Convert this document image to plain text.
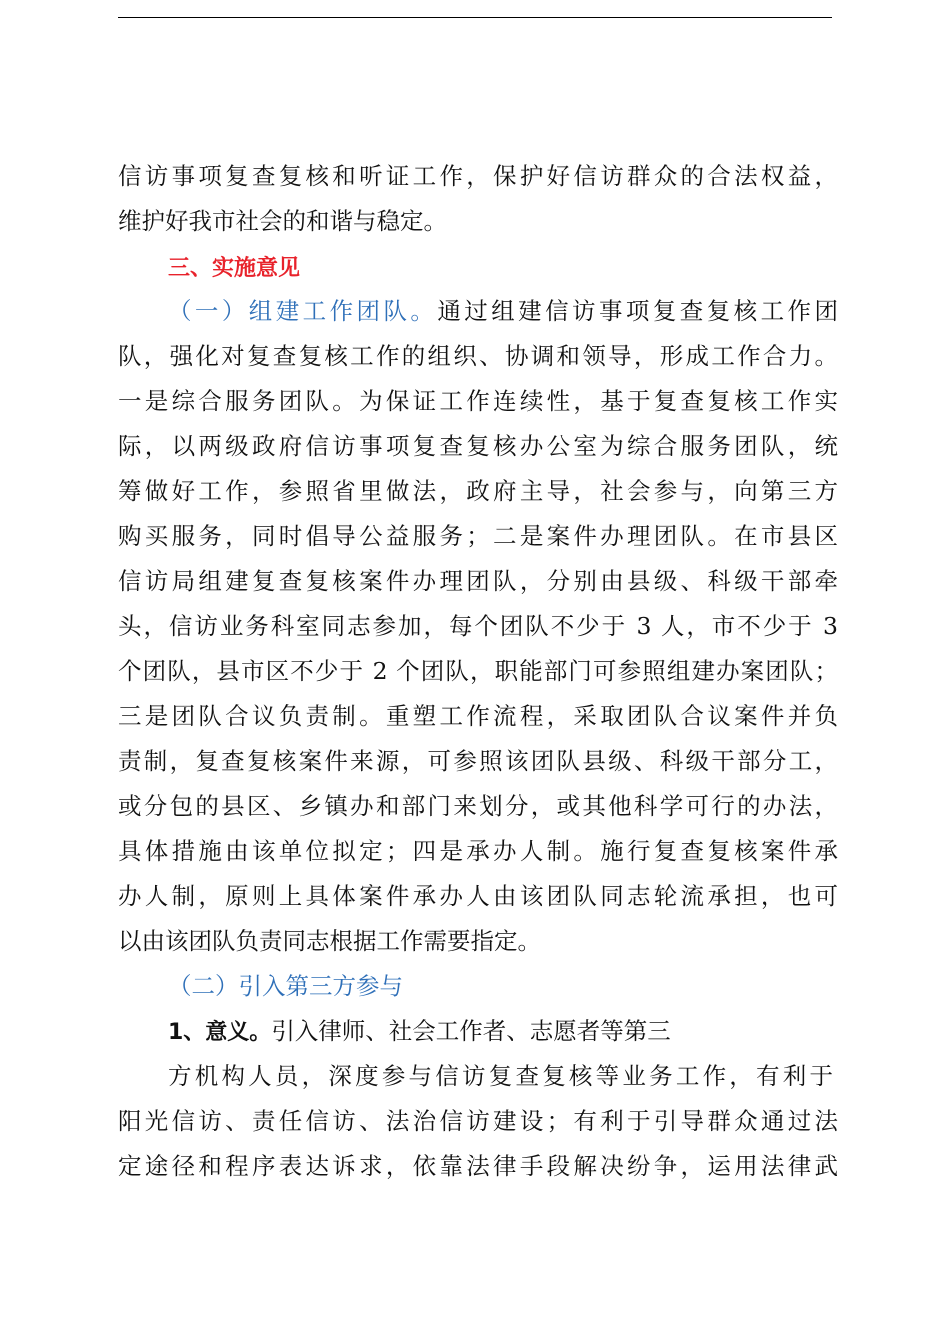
信访事项复查复核和听证工作，保护好信访群众的合法权益，
维护好我市社会的和谐与稳定。
三、实施意见
（一）组建工作团队。通过组建信访事项复查复核工作团
队，强化对复查复核工作的组织、协调和领导，形成工作合力。
一是综合服务团队。为保证工作连续性，基于复查复核工作实
际，以两级政府信访事项复查复核办公室为综合服务团队，统
筹做好工作，参照省里做法，政府主导，社会参与，向第三方
购买服务，同时倡导公益服务；二是案件办理团队。在市县区
信访局组建复查复核案件办理团队，分别由县级、科级干部牵
头，信访业务科室同志参加，每个团队不少于 3 人，市不少于 3
个团队，县市区不少于 2 个团队，职能部门可参照组建办案团队；
三是团队合议负责制。重塑工作流程，采取团队合议案件并负
责制，复查复核案件来源，可参照该团队县级、科级干部分工，
或分包的县区、乡镇办和部门来划分，或其他科学可行的办法，
具体措施由该单位拟定；四是承办人制。施行复查复核案件承
办人制，原则上具体案件承办人由该团队同志轮流承担，也可
以由该团队负责同志根据工作需要指定。
（二）引入第三方参与
1、意义。引入律师、社会工作者、志愿者等第三
方机构人员，深度参与信访复查复核等业务工作，有利于
阳光信访、责任信访、法治信访建设；有利于引导群众通过法
定途径和程序表达诉求，依靠法律手段解决纷争，运用法律武
